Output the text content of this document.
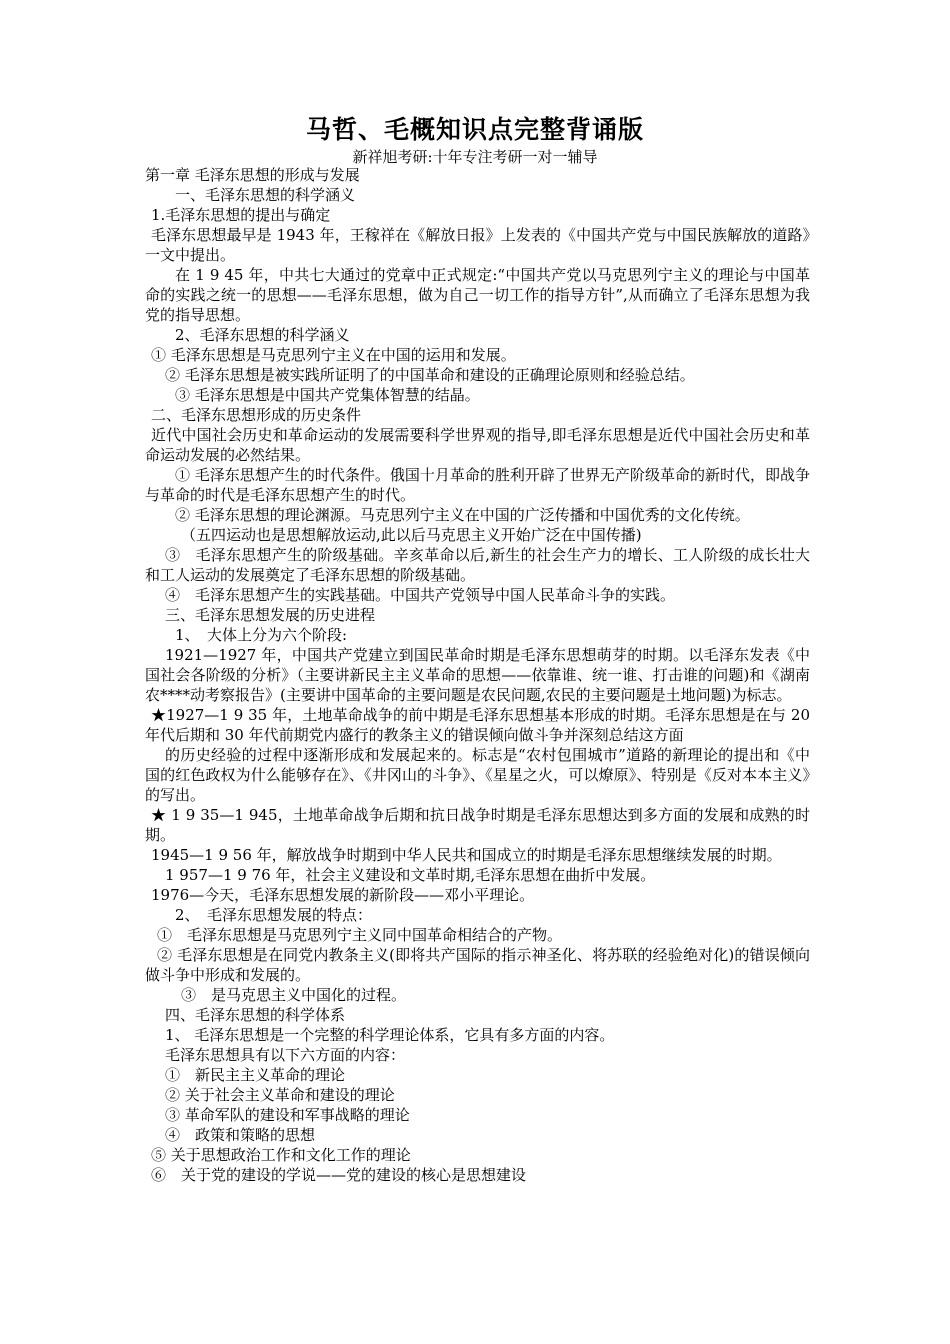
马哲、毛概知识点完整背诵版
新祥旭考研:十年专注考研一对一辅导

第一章 毛泽东思想的形成与发展

一、毛泽东思想的科学涵义

1.毛泽东思想的提出与确定

毛泽东思想最早是 1943 年，王稼祥在《解放日报》上发表的《中国共产党与中国民族解放的道路》一文中提出。

在 1 9 45 年，中共七大通过的党章中正式规定:“中国共产党以马克思列宁主义的理论与中国革命的实践之统一的思想——毛泽东思想，做为自己一切工作的指导方针”,从而确立了毛泽东思想为我党的指导思想。

2、毛泽东思想的科学涵义

① 毛泽东思想是马克思列宁主义在中国的运用和发展。

② 毛泽东思想是被实践所证明了的中国革命和建设的正确理论原则和经验总结。

③ 毛泽东思想是中国共产党集体智慧的结晶。

二、毛泽东思想形成的历史条件

近代中国社会历史和革命运动的发展需要科学世界观的指导,即毛泽东思想是近代中国社会历史和革命运动发展的必然结果。

① 毛泽东思想产生的时代条件。俄国十月革命的胜利开辟了世界无产阶级革命的新时代，即战争与革命的时代是毛泽东思想产生的时代。

② 毛泽东思想的理论渊源。马克思列宁主义在中国的广泛传播和中国优秀的文化传统。

（五四运动也是思想解放运动,此以后马克思主义开始广泛在中国传播)

③　毛泽东思想产生的阶级基础。辛亥革命以后,新生的社会生产力的增长、工人阶级的成长壮大和工人运动的发展奠定了毛泽东思想的阶级基础。

④　毛泽东思想产生的实践基础。中国共产党领导中国人民革命斗争的实践。

三、毛泽东思想发展的历史进程

1、　大体上分为六个阶段:

1921—1927 年，中国共产党建立到国民革命时期是毛泽东思想萌芽的时期。以毛泽东发表《中国社会各阶级的分析》（主要讲新民主主义革命的思想——依靠谁、统一谁、打击谁的问题)和《湖南农****动考察报告》(主要讲中国革命的主要问题是农民问题,农民的主要问题是土地问题)为标志。

★1927—1 9 35 年，土地革命战争的前中期是毛泽东思想基本形成的时期。毛泽东思想是在与 20 年代后期和 30 年代前期党内盛行的教条主义的错误倾向做斗争并深刻总结这方面

的历史经验的过程中逐渐形成和发展起来的。标志是“农村包围城市”道路的新理论的提出和《中国的红色政权为什么能够存在》、《井冈山的斗争》、《星星之火，可以燎原》、特别是《反对本本主义》的写出。

★ 1 9 35—1 945，土地革命战争后期和抗日战争时期是毛泽东思想达到多方面的发展和成熟的时期。

1945—1 9 56 年，解放战争时期到中华人民共和国成立的时期是毛泽东思想继续发展的时期。

1 957—1 9 76 年，社会主义建设和文革时期,毛泽东思想在曲折中发展。

1976—今天，毛泽东思想发展的新阶段——邓小平理论。

2、　毛泽东思想发展的特点：

①　毛泽东思想是马克思列宁主义同中国革命相结合的产物。

② 毛泽东思想是在同党内教条主义(即将共产国际的指示神圣化、将苏联的经验绝对化)的错误倾向做斗争中形成和发展的。

③　是马克思主义中国化的过程。

四、毛泽东思想的科学体系

1、 毛泽东思想是一个完整的科学理论体系，它具有多方面的内容。

毛泽东思想具有以下六方面的内容：

①　新民主主义革命的理论

② 关于社会主义革命和建设的理论

③ 革命军队的建设和军事战略的理论

④　政策和策略的思想

⑤ 关于思想政治工作和文化工作的理论

⑥　关于党的建设的学说——党的建设的核心是思想建设
